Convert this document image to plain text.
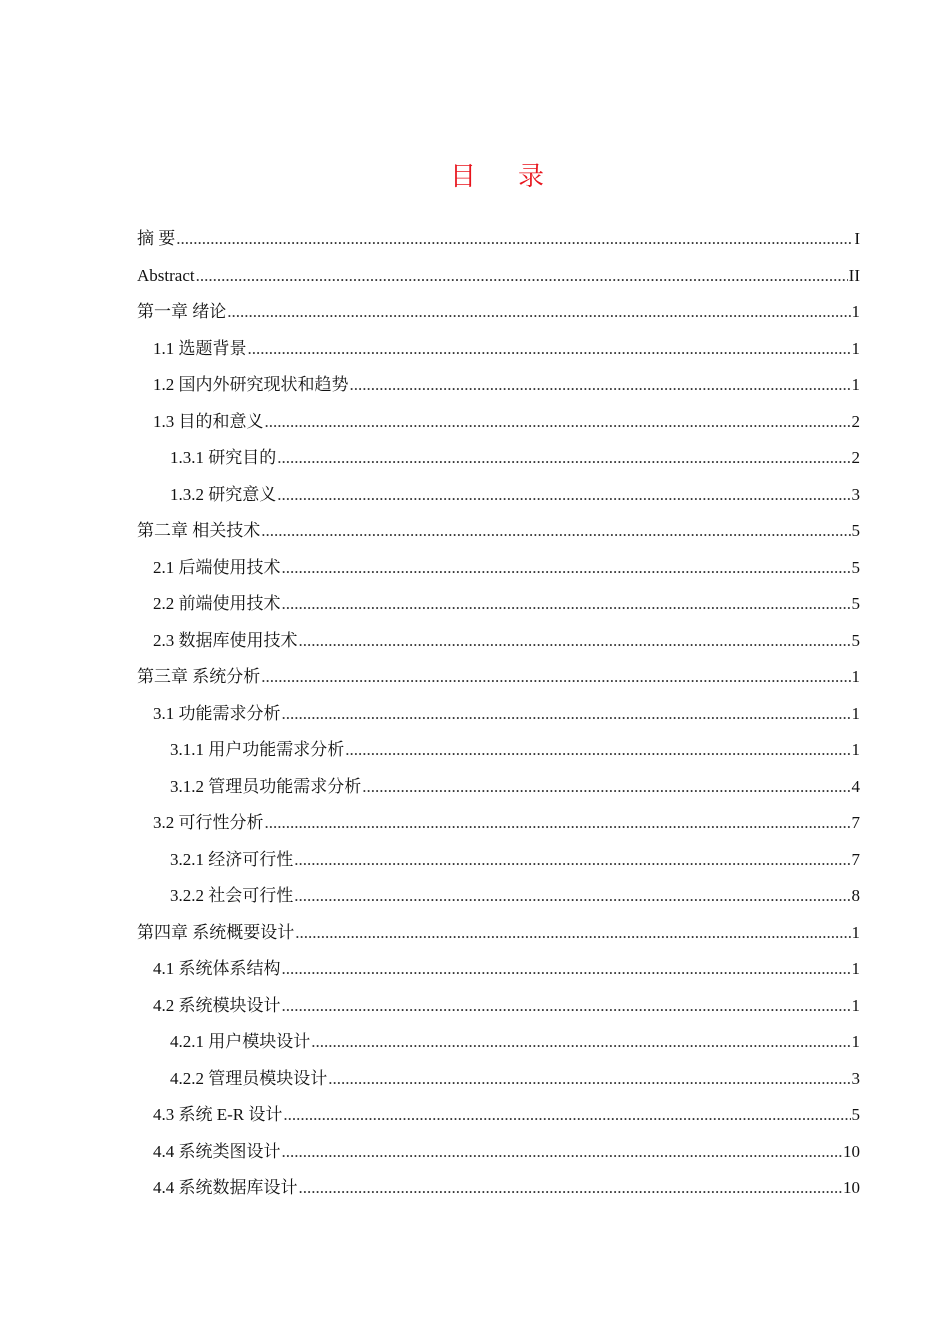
目录
摘 要 .....	I
Abstract .....	II
第一章 绪论 .....	1
1.1 选题背景 .....	1
1.2 国内外研究现状和趋势 .....	1
1.3 目的和意义 .....	2
1.3.1 研究目的 .....	2
1.3.2 研究意义 .....	3
第二章 相关技术 .....	5
2.1 后端使用技术 .....	5
2.2 前端使用技术 .....	5
2.3 数据库使用技术 .....	5
第三章 系统分析 .....	1
3.1 功能需求分析 .....	1
3.1.1 用户功能需求分析 .....	1
3.1.2 管理员功能需求分析 .....	4
3.2 可行性分析 .....	7
3.2.1 经济可行性 .....	7
3.2.2 社会可行性 .....	8
第四章 系统概要设计 .....	1
4.1 系统体系结构 .....	1
4.2 系统模块设计 .....	1
4.2.1 用户模块设计 .....	1
4.2.2 管理员模块设计 .....	3
4.3 系统 E-R 设计 .....	5
4.4 系统类图设计 .....	10
4.4 系统数据库设计 .....	10
